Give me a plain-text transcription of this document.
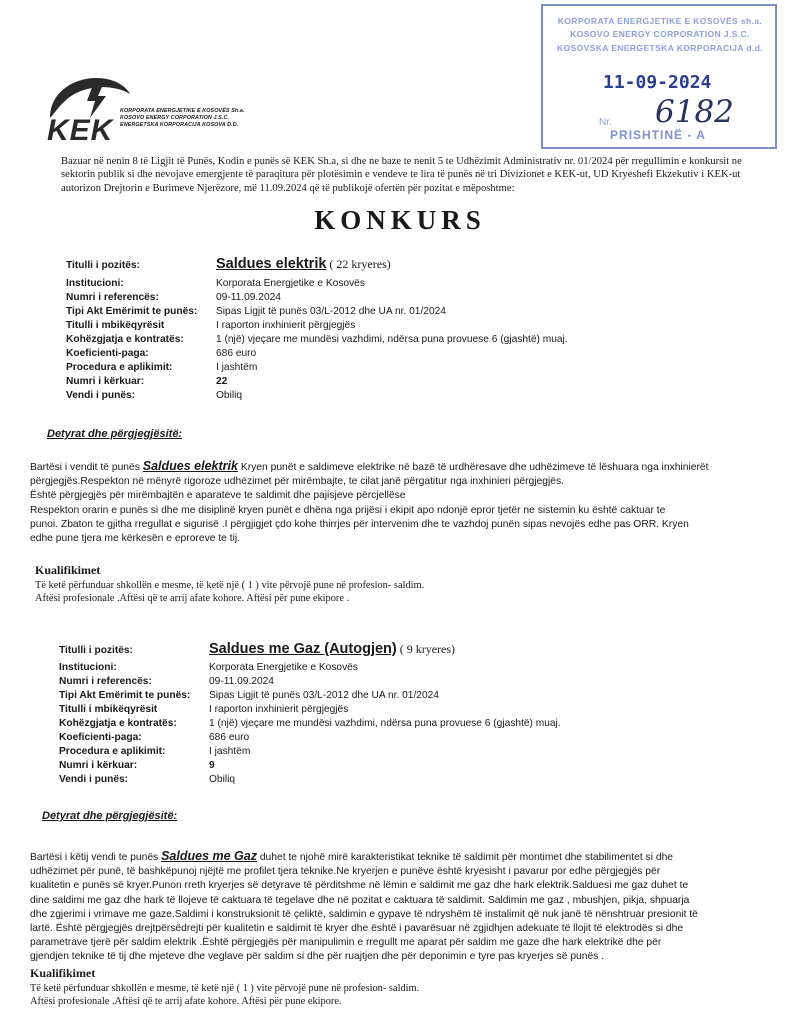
KEK
KORPORATA ENERGJETIKE E KOSOVËS Sh.a.
KOSOVO ENERGY CORPORATION J.S.C.
ENERGETSKA KORPORACIJA KOSOVA D.D.
KORPORATA ENERGJETIKE E KOSOVËS sh.a.
KOSOVO ENERGY CORPORATION J.S.C.
KOSOVSKA ENERGETSKA KORPORACIJA d.d.
11-09-2024
Nr. 6182
PRISHTINË - A
Bazuar në nenin 8 të Ligjit të Punës, Kodin e punës së KEK Sh.a, si dhe ne baze te nenit 5 te Udhëzimit Administrativ nr. 01/2024 për rregullimin e konkursit ne sektorin publik si dhe nevojave emergjente të paraqitura për plotësimin e vendeve te lira të punës në tri Divizionet e KEK-ut, UD Kryeshefi Ekzekutiv i KEK-ut autorizon Drejtorin e Burimeve Njerëzore, më 11.09.2024 që të publikojë ofertën për pozitat e mëposhtme:
KONKURS
Titulli i pozitës:	Saldues elektrik ( 22 kryeres)
Institucioni:	Korporata Energjetike e Kosovës
Numri i referencës:	09-11.09.2024
Tipi Akt Emërimit te punës: Sipas Ligjit të punës 03/L-2012 dhe UA nr. 01/2024
Titulli i mbikëqyrësit	I raporton inxhinierit përgjegjës
Kohëzgjatja e kontratës:	1 (një) vjeçare me mundësi vazhdimi, ndërsa puna provuese 6 (gjashtë) muaj.
Koeficienti-paga:	686 euro
Procedura e aplikimit:	I jashtëm
Numri i kërkuar:	22
Vendi i punës:	Obiliq
Detyrat dhe përgjegjësitë:
Bartësi i vendit të punës Saldues elektrik Kryen punët e saldimeve elektrike në bazë të urdhëresave dhe udhëzimeve të lëshuara nga inxhinierët
përgjegjës.Respekton në mënyrë rigoroze udhëzimet për mirëmbajte, te cilat janë përgatitur nga inxhinieri përgjegjës.
Është përgjegjës për mirëmbajtën e aparateve te saldimit dhe pajisjeve përcjellëse
Respekton orarin e punës si dhe me disiplinë kryen punët e dhëna nga prijësi i ekipit apo ndonjë epror tjetër ne sistemin ku është caktuar te
punoi. Zbaton te gjitha rregullat e sigurisë .I përgjigjet çdo kohe thirrjes për intervenim dhe te vazhdoj punën sipas nevojës edhe pas ORR. Kryen
edhe pune tjera me kërkesën e eproreve te tij.
Kualifikimet
Të ketë përfunduar shkollën e mesme, të ketë një ( 1 ) vite përvojë pune në profesion- saldim.
Aftësi profesionale .Aftësi që te arrij afate kohore. Aftësi për pune ekipore .
Titulli i pozitës:	Saldues me Gaz (Autogjen) ( 9 kryeres)
Institucioni:	Korporata Energjetike e Kosovës
Numri i referencës:	09-11.09.2024
Tipi Akt Emërimit te punës: Sipas Ligjit të punës 03/L-2012 dhe UA nr. 01/2024
Titulli i mbikëqyrësit	I raporton inxhinierit përgjegjës
Kohëzgjatja e kontratës:	1 (një) vjeçare me mundësi vazhdimi, ndërsa puna provuese 6 (gjashtë) muaj.
Koeficienti-paga:	686 euro
Procedura e aplikimit:	I jashtëm
Numri i kërkuar:	9
Vendi i punës:	Obiliq
Detyrat dhe përgjegjësitë:
Bartësi i këtij vendi te punës Saldues me Gaz duhet te njohë mirë karakteristikat teknike të saldimit për montimet dhe stabilimentet si dhe
udhëzimet për punë, të bashkëpunoj njëjtë me profilet tjera teknike.Ne kryerjen e punëve është kryesisht i pavarur por edhe përgjegjës për
kualitetin e punës së kryer.Punon rreth kryerjes së detyrave të përditshme në lëmin e saldimit me gaz dhe hark elektrik.Salduesi me gaz duhet te
dine saldimi me gaz dhe hark të llojeve të caktuara të tegelave dhe në pozitat e caktuara të saldimit. Saldimin me gaz , mbushjen, pikja, shpuarja
dhe zgjerimi i vrimave me gaze.Saldimi i konstruksionit të çeliktë, saldimin e gypave të ndryshëm të instalimit që nuk janë të nënshtruar presionit të
lartë. Është përgjegjës drejtpërsëdrejti për kualitetin e saldimit të kryer dhe është i pavarësuar në zgjidhjen adekuate të llojit të elektrodës si dhe
parametrave tjerë për saldim elektrik .Është përgjegjës për manipulimin e rregullt me aparat për saldim me gaze dhe hark elektrikë dhe për
gjendjen teknike të tij dhe mjeteve dhe veglave për saldim si dhe për ruajtjen dhe për deponimin e tyre pas kryerjes së punës .
Kualifikimet
Të ketë përfunduar shkollën e mesme, të ketë një ( 1 ) vite përvojë pune në profesion- saldim.
Aftësi profesionale .Aftësi që te arrij afate kohore. Aftësi për pune ekipore.
